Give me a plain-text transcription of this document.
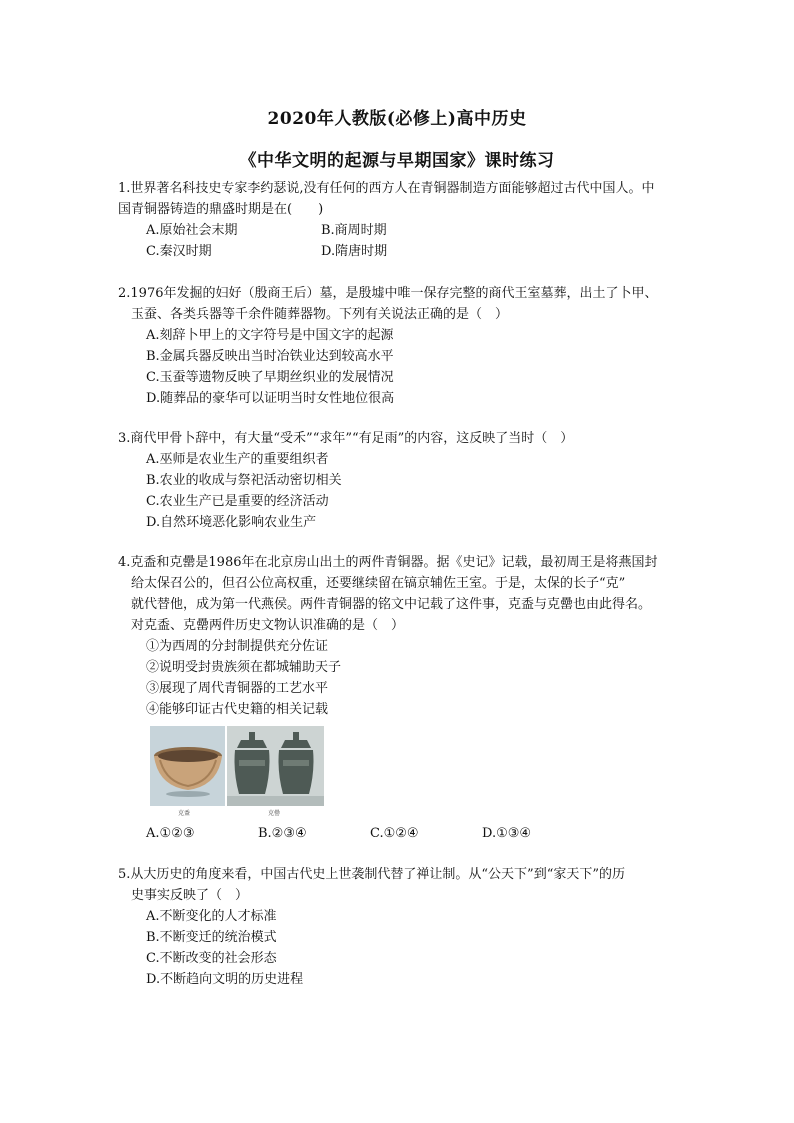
2020年人教版(必修上)高中历史
《中华文明的起源与早期国家》课时练习
1.世界著名科技史专家李约瑟说,没有任何的西方人在青铜器制造方面能够超过古代中国人。中
国青铜器铸造的鼎盛时期是在(　　)
A.原始社会末期	B.商周时期
C.秦汉时期	D.隋唐时期
2.1976年发掘的妇好（殷商王后）墓，是殷墟中唯一保存完整的商代王室墓葬，出土了卜甲、
玉蚕、各类兵器等千余件随葬器物。下列有关说法正确的是（　）
A.刻辞卜甲上的文字符号是中国文字的起源
B.金属兵器反映出当时冶铁业达到较高水平
C.玉蚕等遗物反映了早期丝织业的发展情况
D.随葬品的豪华可以证明当时女性地位很高
3.商代甲骨卜辞中，有大量“受禾”“求年”“有足雨”的内容，这反映了当时（　）
A.巫师是农业生产的重要组织者
B.农业的收成与祭祀活动密切相关
C.农业生产已是重要的经济活动
D.自然环境恶化影响农业生产
4.克盉和克罍是1986年在北京房山出土的两件青铜器。据《史记》记载，最初周王是将燕国封
给太保召公的，但召公位高权重，还要继续留在镐京辅佐王室。于是，太保的长子“克”
就代替他，成为第一代燕侯。两件青铜器的铭文中记载了这件事，克盉与克罍也由此得名。
对克盉、克罍两件历史文物认识准确的是（　）
①为西周的分封制提供充分佐证
②说明受封贵族须在都城辅助天子
③展现了周代青铜器的工艺水平
④能够印证古代史籍的相关记载
克盉	克罍
A.①②③	B.②③④	C.①②④	D.①③④
5.从大历史的角度来看，中国古代史上世袭制代替了禅让制。从“公天下”到“家天下”的历
史事实反映了（　）
A.不断变化的人才标准
B.不断变迁的统治模式
C.不断改变的社会形态
D.不断趋向文明的历史进程
